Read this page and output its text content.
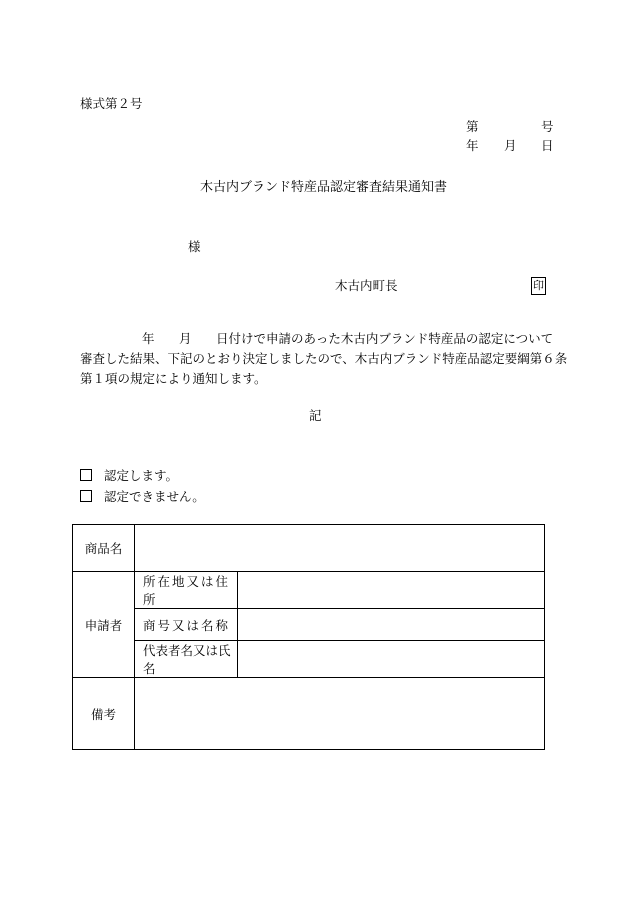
様式第２号
第	号
年 月 日
木古内ブランド特産品認定審査結果通知書
様
木古内町長	印
年 月 日付けで申請のあった木古内ブランド特産品の認定について
審査した結果、下記のとおり決定しましたので、木古内ブランド特産品認定要綱第６条
第１項の規定により通知します。
記
認定します。
認定できません。
商品名		
申請者	所在地又は住所	
	商号又は名称	
	代表者名又は氏名	
備考		
